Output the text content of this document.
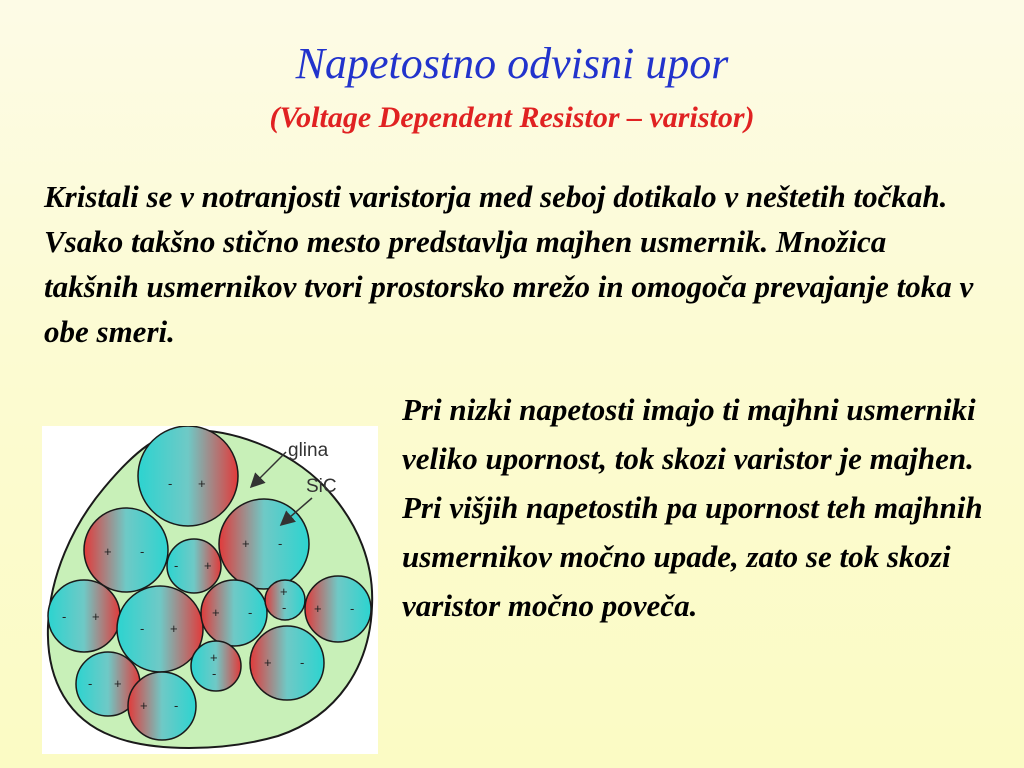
Napetostno odvisni upor
(Voltage Dependent Resistor – varistor)
Kristali se v notranjosti varistorja med seboj dotikalo v neštetih točkah. Vsako takšno stično mesto predstavlja majhen usmernik. Množica takšnih usmernikov tvori prostorsko mrežo in omogoča prevajanje toka v obe smeri.
Pri nizki napetosti imajo ti majhni usmerniki veliko upornost, tok skozi varistor je majhen. Pri višjih napetostih pa upornost teh majhnih usmernikov močno upade, zato se tok skozi varistor močno poveča.
- +
+ -
- +
+ -
- +
- +
+ -
+
- + -
- +
+
-
+ -
+ -
glina
SiC
